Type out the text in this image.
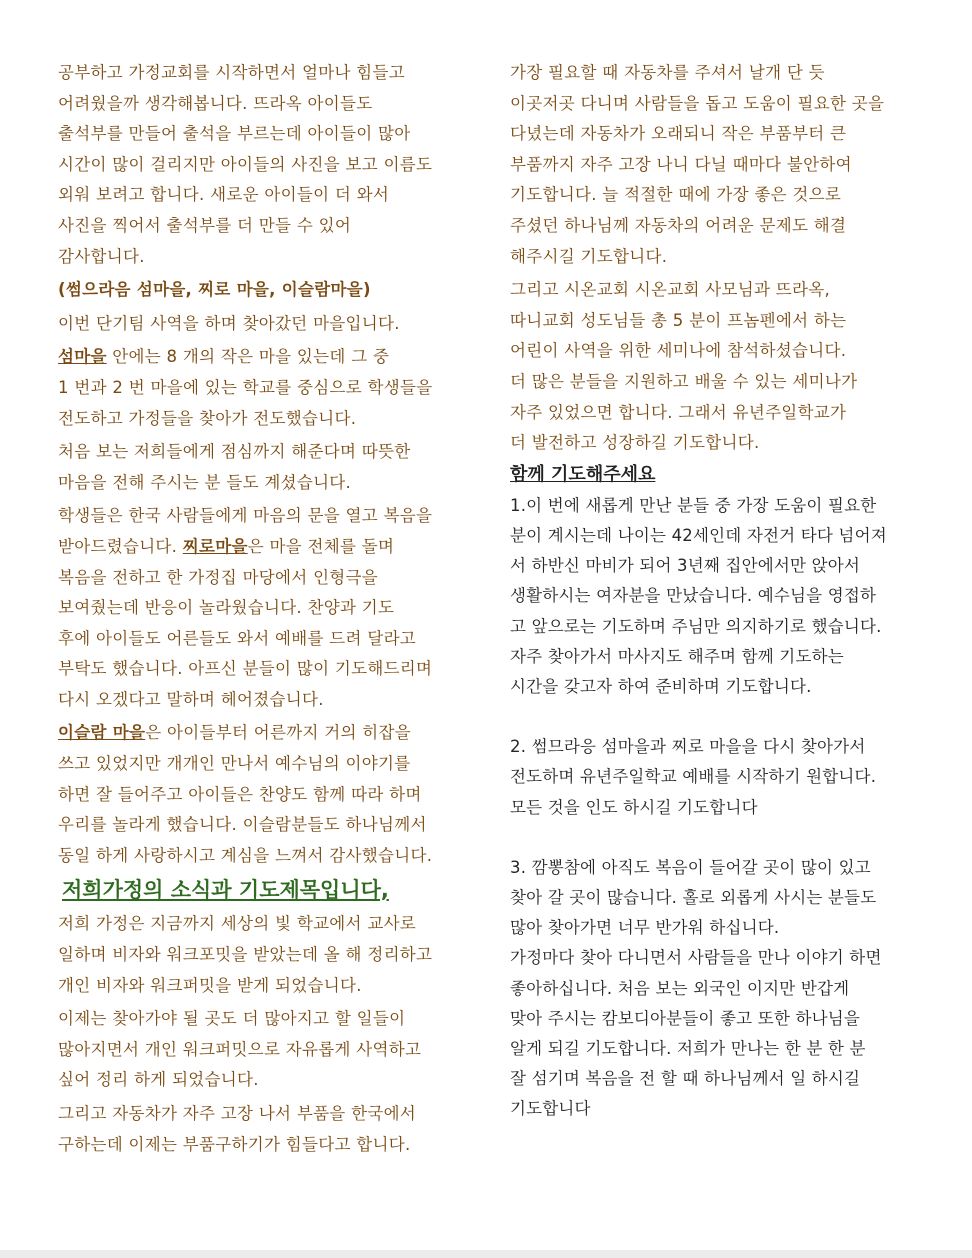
공부하고 가정교회를 시작하면서 얼마나 힘들고
어려웠을까 생각해봅니다. 뜨라옥 아이들도
출석부를 만들어 출석을 부르는데 아이들이 많아
시간이 많이 걸리지만 아이들의 사진을 보고 이름도
외워 보려고 합니다. 새로운 아이들이 더 와서
사진을 찍어서 출석부를 더 만들 수 있어
감사합니다.
(썸으라음 섬마을, 찌로 마을, 이슬람마을)
이번 단기팀 사역을 하며 찾아갔던 마을입니다.
섬마을 안에는 8 개의 작은 마을 있는데 그 중
1 번과 2 번 마을에 있는 학교를 중심으로 학생들을
전도하고 가정들을 찾아가 전도했습니다.
처음 보는 저희들에게 점심까지 해준다며 따뜻한
마음을 전해 주시는 분 들도 계셨습니다.
학생들은 한국 사람들에게 마음의 문을 열고 복음을
받아드렸습니다. 찌로마을은 마을 전체를 돌며
복음을 전하고 한 가정집 마당에서 인형극을
보여줬는데 반응이 놀라웠습니다. 찬양과 기도
후에 아이들도 어른들도 와서 예배를 드려 달라고
부탁도 했습니다. 아프신 분들이 많이 기도해드리며
다시 오겠다고 말하며 헤어졌습니다.
이슬람 마을은 아이들부터 어른까지 거의 히잡을
쓰고 있었지만 개개인 만나서 예수님의 이야기를
하면 잘 들어주고 아이들은 찬양도 함께 따라 하며
우리를 놀라게 했습니다. 이슬람분들도 하나님께서
동일 하게 사랑하시고 계심을 느껴서 감사했습니다.
저희가정의 소식과 기도제목입니다,
저희 가정은 지금까지 세상의 빛 학교에서 교사로
일하며 비자와 워크포밋을 받았는데 올 해 정리하고
개인 비자와 워크퍼밋을 받게 되었습니다.
이제는 찾아가야 될 곳도 더 많아지고 할 일들이
많아지면서 개인 워크퍼밋으로 자유롭게 사역하고
싶어 정리 하게 되었습니다.
그리고 자동차가 자주 고장 나서 부품을 한국에서
구하는데 이제는 부품구하기가 힘들다고 합니다.
가장 필요할 때 자동차를 주셔서 날개 단 듯
이곳저곳 다니며 사람들을 돕고 도움이 필요한 곳을
다녔는데 자동차가 오래되니 작은 부품부터 큰
부품까지 자주 고장 나니 다닐 때마다 불안하여
기도합니다. 늘 적절한 때에 가장 좋은 것으로
주셨던 하나님께 자동차의 어려운 문제도 해결
해주시길 기도합니다.
그리고 시온교회 시온교회 사모님과 뜨라옥,
따니교회 성도님들 총 5 분이 프놈펜에서 하는
어린이 사역을 위한 세미나에 참석하셨습니다.
더 많은 분들을 지원하고 배울 수 있는 세미나가
자주 있었으면 합니다. 그래서 유년주일학교가
더 발전하고 성장하길 기도합니다.
함께 기도해주세요
1.이 번에 새롭게 만난 분들 중 가장 도움이 필요한
분이 계시는데 나이는 42세인데 자전거 타다 넘어져
서 하반신 마비가 되어 3년째 집안에서만 앉아서
생활하시는 여자분을 만났습니다. 예수님을 영접하
고 앞으로는 기도하며 주님만 의지하기로 했습니다.
자주 찾아가서 마사지도 해주며 함께 기도하는
시간을 갖고자 하여 준비하며 기도합니다.
2. 썸므라응 섬마을과 찌로 마을을 다시 찾아가서
전도하며 유년주일학교 예배를 시작하기 원합니다.
모든 것을 인도 하시길 기도합니다
3. 깜뽕참에 아직도 복음이 들어갈 곳이 많이 있고
찾아 갈 곳이 많습니다. 홀로 외롭게 사시는 분들도
많아 찾아가면 너무 반가워 하십니다.
가정마다 찾아 다니면서 사람들을 만나 이야기 하면
좋아하십니다. 처음 보는 외국인 이지만 반갑게
맞아 주시는 캄보디아분들이 좋고 또한 하나님을
알게 되길 기도합니다. 저희가 만나는 한 분 한 분
잘 섬기며 복음을 전 할 때 하나님께서 일 하시길
기도합니다
